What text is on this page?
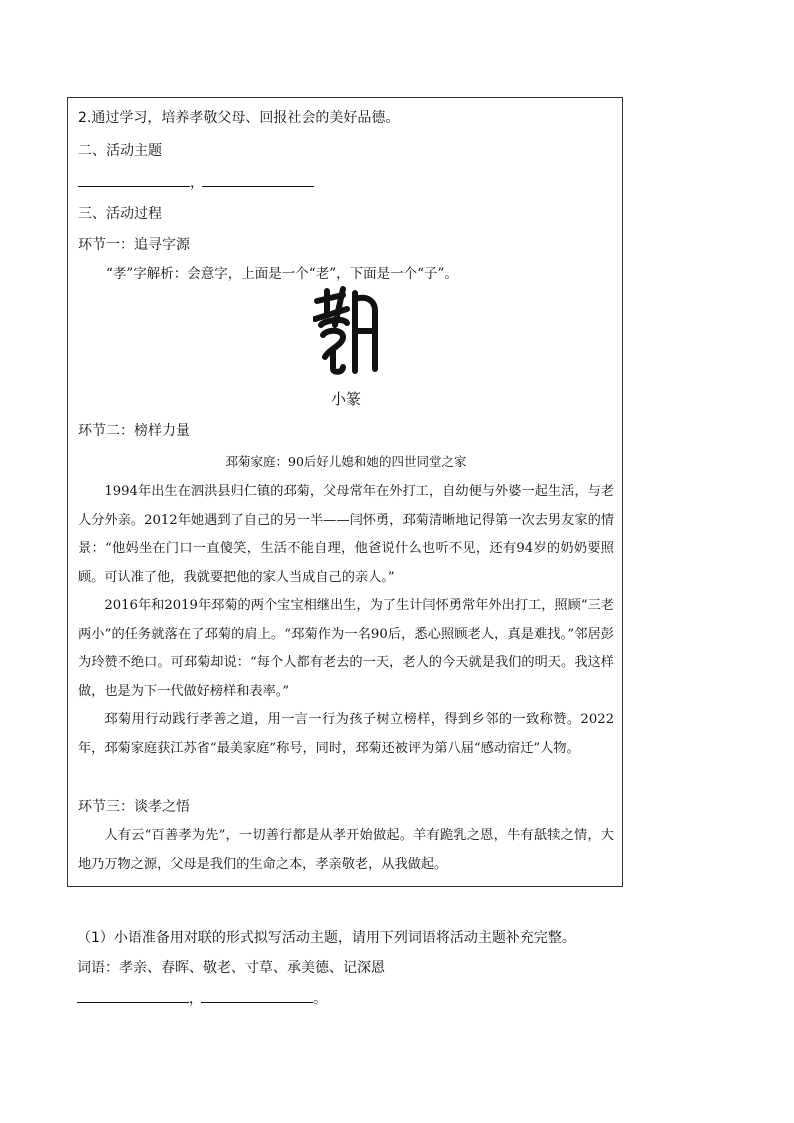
2.通过学习，培养孝敬父母、回报社会的美好品德。
二、活动主题
，
三、活动过程
环节一：追寻字源
“孝”字解析：会意字，上面是一个“老”，下面是一个“子”。
小篆
环节二：榜样力量
邳菊家庭：90后好儿媳和她的四世同堂之家

1994年出生在泗洪县归仁镇的邳菊，父母常年在外打工，自幼便与外婆一起生活，与老人分外亲。2012年她遇到了自己的另一半——闫怀勇，邳菊清晰地记得第一次去男友家的情景：“他妈坐在门口一直傻笑，生活不能自理，他爸说什么也听不见，还有94岁的奶奶要照顾。可认准了他，我就要把他的家人当成自己的亲人。”

2016年和2019年邳菊的两个宝宝相继出生，为了生计闫怀勇常年外出打工，照顾“三老两小”的任务就落在了邳菊的肩上。“邳菊作为一名90后，悉心照顾老人，真是难找。”邻居彭为玲赞不绝口。可邳菊却说：“每个人都有老去的一天，老人的今天就是我们的明天。我这样做，也是为下一代做好榜样和表率。”

邳菊用行动践行孝善之道，用一言一行为孩子树立榜样，得到乡邻的一致称赞。2022年，邳菊家庭获江苏省“最美家庭”称号，同时，邳菊还被评为第八届“感动宿迁”人物。

环节三：谈孝之悟

人有云“百善孝为先”，一切善行都是从孝开始做起。羊有跪乳之恩，牛有舐犊之情，大地乃万物之源，父母是我们的生命之本，孝亲敬老，从我做起。

（1）小语准备用对联的形式拟写活动主题，请用下列词语将活动主题补充完整。
词语：孝亲、春晖、敬老、寸草、承美德、记深恩
，	。
